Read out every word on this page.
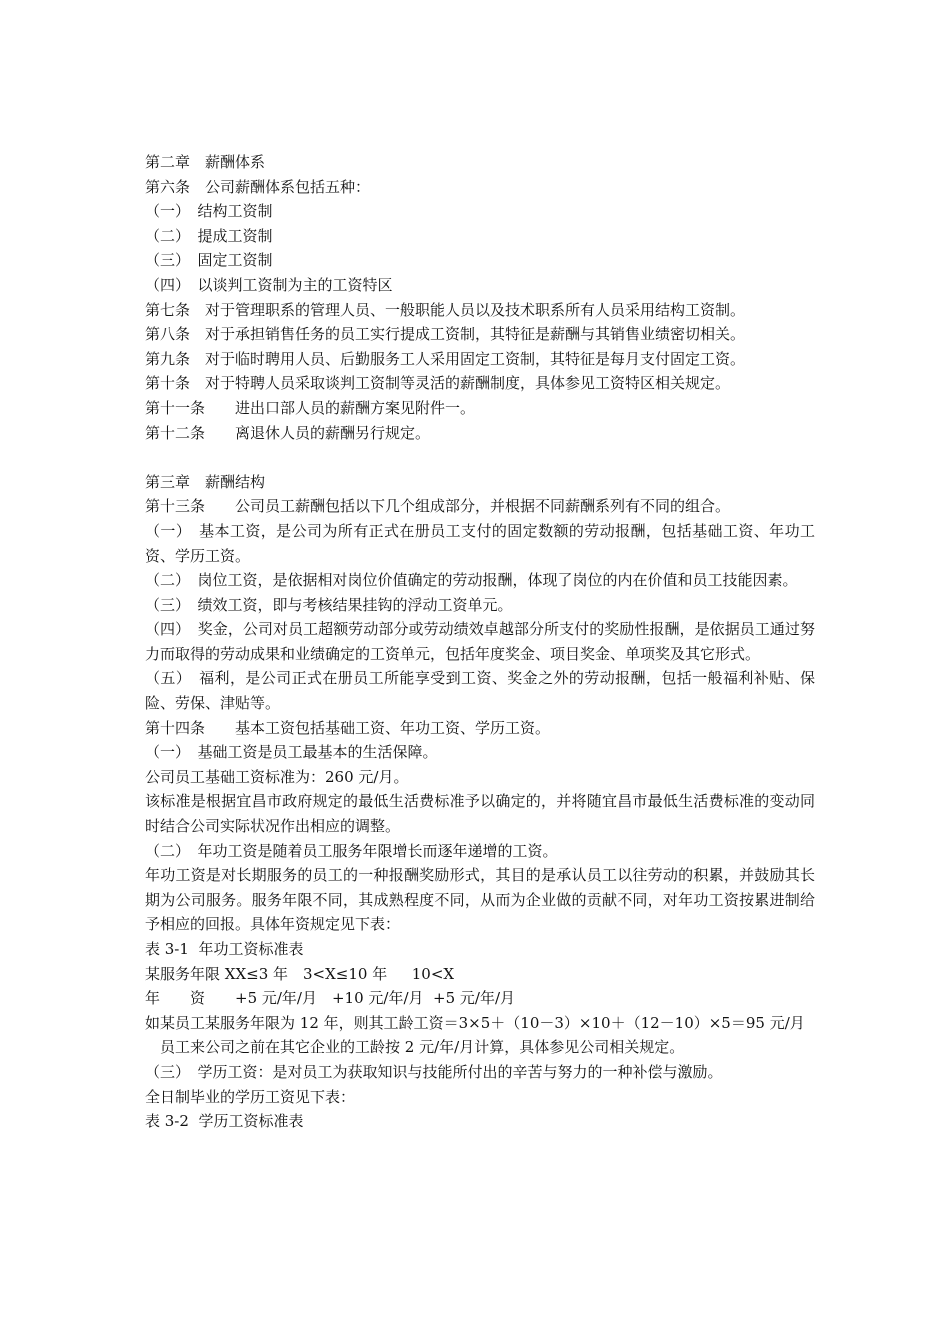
第二章　薪酬体系
第六条　公司薪酬体系包括五种：
（一）　结构工资制
（二）　提成工资制
（三）　固定工资制
（四）　以谈判工资制为主的工资特区
第七条　对于管理职系的管理人员、一般职能人员以及技术职系所有人员采用结构工资制。
第八条　对于承担销售任务的员工实行提成工资制，其特征是薪酬与其销售业绩密切相关。
第九条　对于临时聘用人员、后勤服务工人采用固定工资制，其特征是每月支付固定工资。
第十条　对于特聘人员采取谈判工资制等灵活的薪酬制度，具体参见工资特区相关规定。
第十一条　　进出口部人员的薪酬方案见附件一。
第十二条　　离退休人员的薪酬另行规定。
第三章　薪酬结构
第十三条　　公司员工薪酬包括以下几个组成部分，并根据不同薪酬系列有不同的组合。
（一）　基本工资，是公司为所有正式在册员工支付的固定数额的劳动报酬，包括基础工资、年功工资、学历工资。
（二）　岗位工资，是依据相对岗位价值确定的劳动报酬，体现了岗位的内在价值和员工技能因素。
（三）　绩效工资，即与考核结果挂钩的浮动工资单元。
（四）　奖金，公司对员工超额劳动部分或劳动绩效卓越部分所支付的奖励性报酬，是依据员工通过努力而取得的劳动成果和业绩确定的工资单元，包括年度奖金、项目奖金、单项奖及其它形式。
（五）　福利，是公司正式在册员工所能享受到工资、奖金之外的劳动报酬，包括一般福利补贴、保险、劳保、津贴等。
第十四条　　基本工资包括基础工资、年功工资、学历工资。
（一）　基础工资是员工最基本的生活保障。
公司员工基础工资标准为：260 元/月。
该标准是根据宜昌市政府规定的最低生活费标准予以确定的，并将随宜昌市最低生活费标准的变动同时结合公司实际状况作出相应的调整。
（二）　年功工资是随着员工服务年限增长而逐年递增的工资。
年功工资是对长期服务的员工的一种报酬奖励形式，其目的是承认员工以往劳动的积累，并鼓励其长期为公司服务。服务年限不同，其成熟程度不同，从而为企业做的贡献不同，对年功工资按累进制给予相应的回报。具体年资规定见下表：
表 3-1  年功工资标准表
某服务年限 XX≤3 年　3<X≤10 年　  10<X
年　　资　　+5 元/年/月　+10 元/年/月  +5 元/年/月
如某员工某服务年限为 12 年，则其工龄工资＝3×5＋（10－3）×10＋（12－10）×5＝95 元/月
　员工来公司之前在其它企业的工龄按 2 元/年/月计算，具体参见公司相关规定。
（三）　学历工资：是对员工为获取知识与技能所付出的辛苦与努力的一种补偿与激励。
全日制毕业的学历工资见下表：
表 3-2  学历工资标准表
